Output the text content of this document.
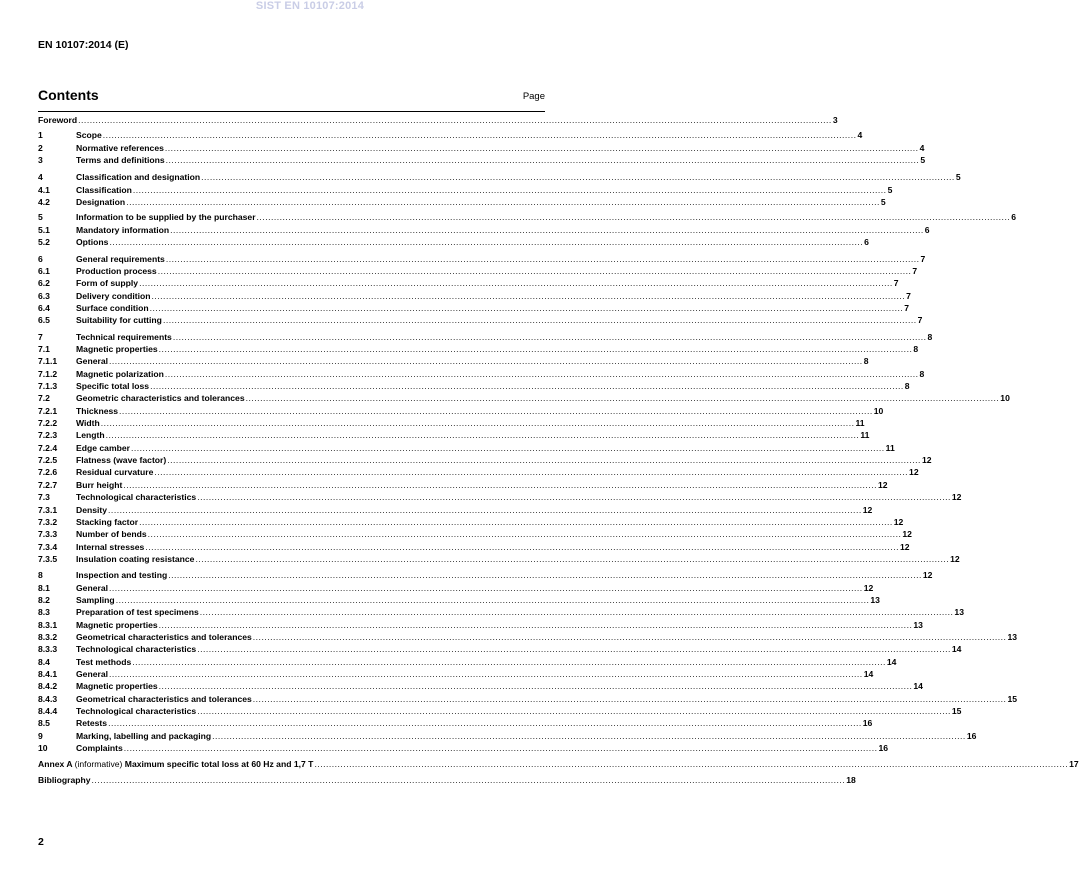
SIST EN 10107:2014
EN 10107:2014 (E)
Contents	Page
Foreword .....	3
1	Scope .....	4
2	Normative references .....	4
3	Terms and definitions .....	5
4	Classification and designation .....	5
4.1	Classification .....	5
4.2	Designation .....	5
5	Information to be supplied by the purchaser .....	6
5.1	Mandatory information .....	6
5.2	Options .....	6
6	General requirements .....	7
6.1	Production process .....	7
6.2	Form of supply .....	7
6.3	Delivery condition .....	7
6.4	Surface condition .....	7
6.5	Suitability for cutting .....	7
7	Technical requirements .....	8
7.1	Magnetic properties .....	8
7.1.1	General .....	8
7.1.2	Magnetic polarization .....	8
7.1.3	Specific total loss .....	8
7.2	Geometric characteristics and tolerances .....	10
7.2.1	Thickness .....	10
7.2.2	Width .....	11
7.2.3	Length .....	11
7.2.4	Edge camber .....	11
7.2.5	Flatness (wave factor) .....	12
7.2.6	Residual curvature .....	12
7.2.7	Burr height .....	12
7.3	Technological characteristics .....	12
7.3.1	Density .....	12
7.3.2	Stacking factor .....	12
7.3.3	Number of bends .....	12
7.3.4	Internal stresses .....	12
7.3.5	Insulation coating resistance .....	12
8	Inspection and testing .....	12
8.1	General .....	12
8.2	Sampling .....	13
8.3	Preparation of test specimens .....	13
8.3.1	Magnetic properties .....	13
8.3.2	Geometrical characteristics and tolerances .....	13
8.3.3	Technological characteristics .....	14
8.4	Test methods .....	14
8.4.1	General .....	14
8.4.2	Magnetic properties .....	14
8.4.3	Geometrical characteristics and tolerances .....	15
8.4.4	Technological characteristics .....	15
8.5	Retests .....	16
9	Marking, labelling and packaging .....	16
10	Complaints .....	16
Annex A (informative) Maximum specific total loss at 60 Hz and 1,7 T .....	17
Bibliography .....	18
2
